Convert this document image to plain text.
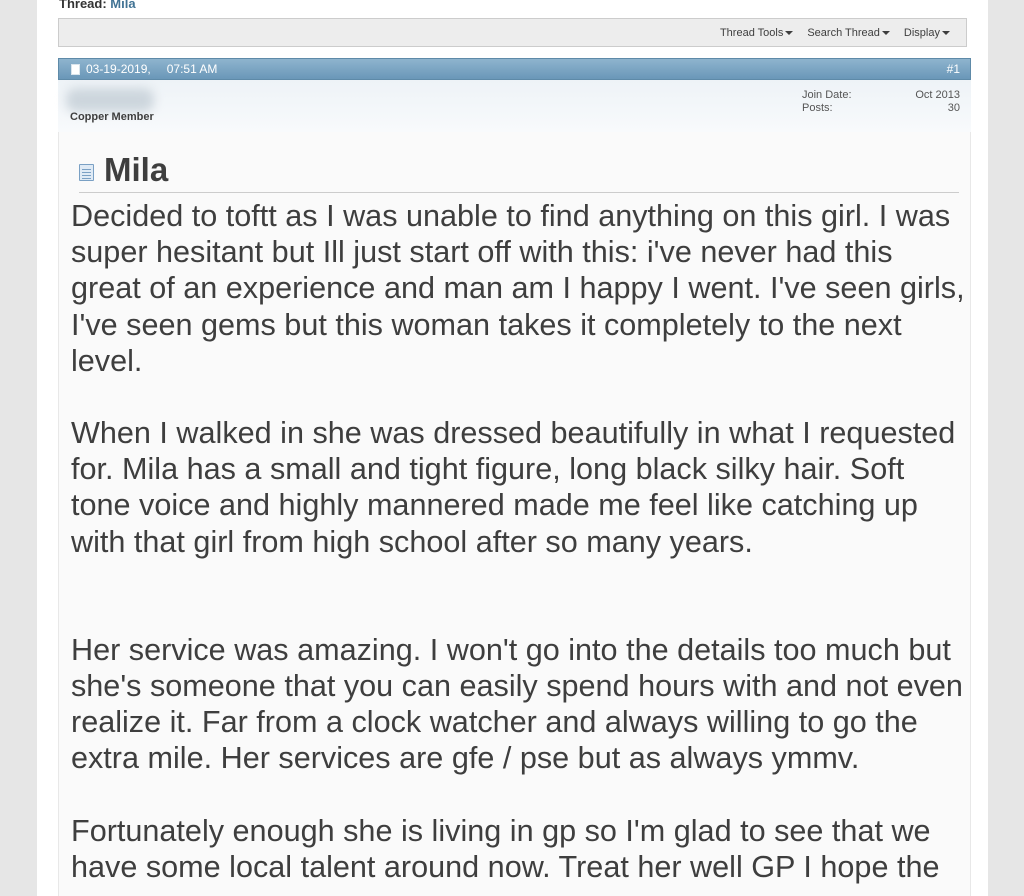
Thread: Mila
Thread Tools Search Thread Display
03-19-2019, 07:51 AM	#1
Copper Member
Join Date:	Oct 2013
Posts:	30
Mila

Decided to toftt as I was unable to find anything on this girl. I was super hesitant but Ill just start off with this: i've never had this great of an experience and man am I happy I went. I've seen girls, I've seen gems but this woman takes it completely to the next level.

When I walked in she was dressed beautifully in what I requested for. Mila has a small and tight figure, long black silky hair. Soft tone voice and highly mannered made me feel like catching up with that girl from high school after so many years.

Her service was amazing. I won't go into the details too much but she's someone that you can easily spend hours with and not even realize it. Far from a clock watcher and always willing to go the extra mile. Her services are gfe / pse but as always ymmv.

Fortunately enough she is living in gp so I'm glad to see that we have some local talent around now. Treat her well GP I hope the
